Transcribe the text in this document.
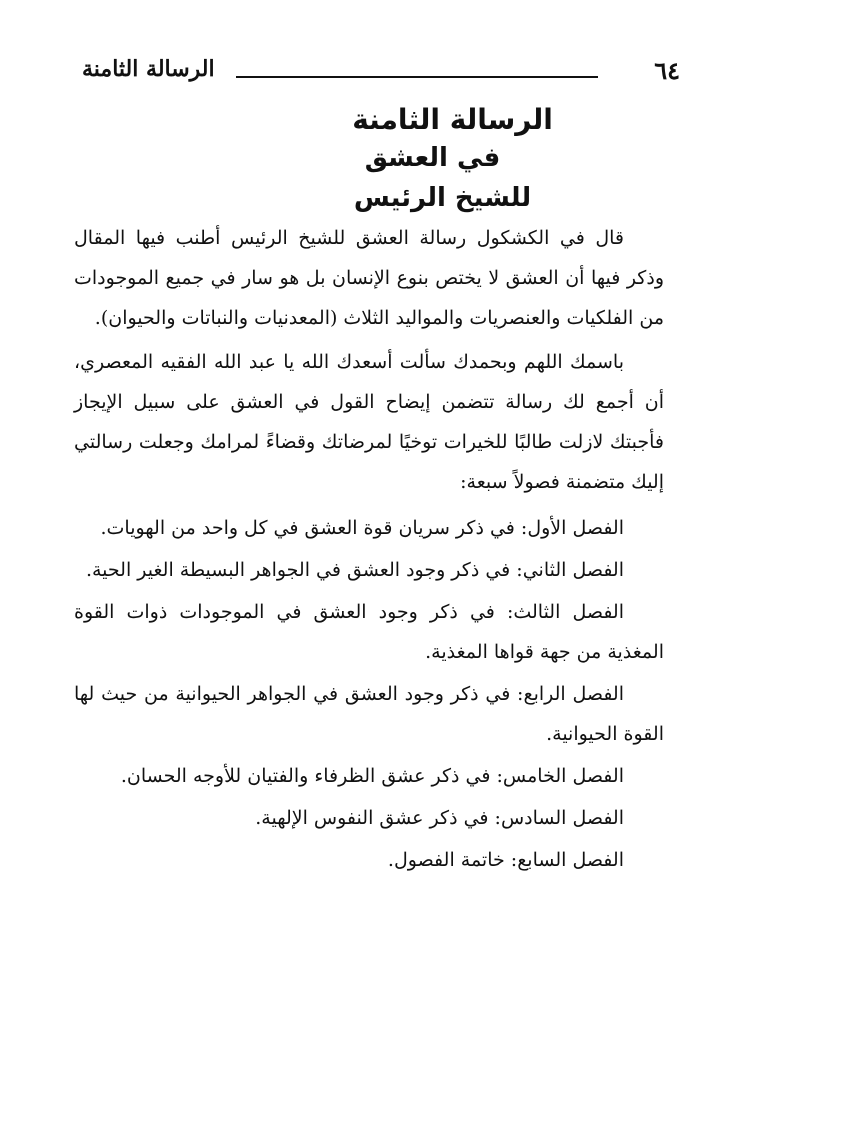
٦٤
الرسالة الثامنة
الرسالة الثامنة
في العشق
للشيخ الرئيس

قال في الكشكول رسالة العشق للشيخ الرئيس أطنب فيها المقال وذكر فيها أن العشق لا يختص بنوع الإنسان بل هو سار في جميع الموجودات من الفلكيات والعنصريات والمواليد الثلاث (المعدنيات والنباتات والحيوان).

باسمك اللهم وبحمدك سألت أسعدك الله يا عبد الله الفقيه المعصري، أن أجمع لك رسالة تتضمن إيضاح القول في العشق على سبيل الإيجاز فأجبتك لازلت طالبًا للخيرات توخيًا لمرضاتك وقضاءً لمرامك وجعلت رسالتي إليك متضمنة فصولاً سبعة:

الفصل الأول: في ذكر سريان قوة العشق في كل واحد من الهويات.
الفصل الثاني: في ذكر وجود العشق في الجواهر البسيطة الغير الحية.
الفصل الثالث: في ذكر وجود العشق في الموجودات ذوات القوة المغذية من جهة قواها المغذية.
الفصل الرابع: في ذكر وجود العشق في الجواهر الحيوانية من حيث لها القوة الحيوانية.
الفصل الخامس: في ذكر عشق الظرفاء والفتيان للأوجه الحسان.
الفصل السادس: في ذكر عشق النفوس الإلهية.
الفصل السابع: خاتمة الفصول.
